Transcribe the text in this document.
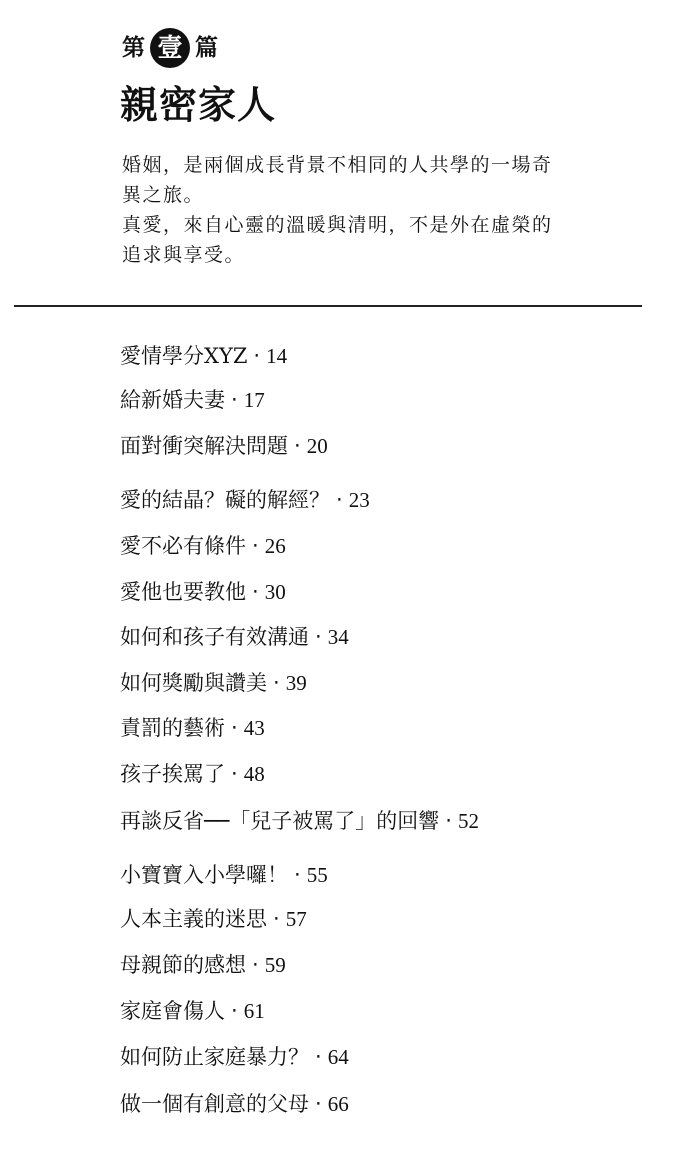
第 壹 篇
親密家人

婚姻，是兩個成長背景不相同的人共學的一場奇異之旅。

真愛，來自心靈的溫暖與清明，不是外在虛榮的追求與享受。

愛情學分XYZ ‧ 14
給新婚夫妻 ‧ 17
面對衝突解決問題 ‧ 20
愛的結晶？礙的解經？ ‧ 23
愛不必有條件 ‧ 26
愛他也要教他 ‧ 30
如何和孩子有效溝通 ‧ 34
如何獎勵與讚美 ‧ 39
責罰的藝術 ‧ 43
孩子挨罵了 ‧ 48
再談反省──「兒子被罵了」的回響 ‧ 52
小寶寶入小學囉！ ‧ 55
人本主義的迷思 ‧ 57
母親節的感想 ‧ 59
家庭會傷人 ‧ 61
如何防止家庭暴力？ ‧ 64
做一個有創意的父母 ‧ 66
